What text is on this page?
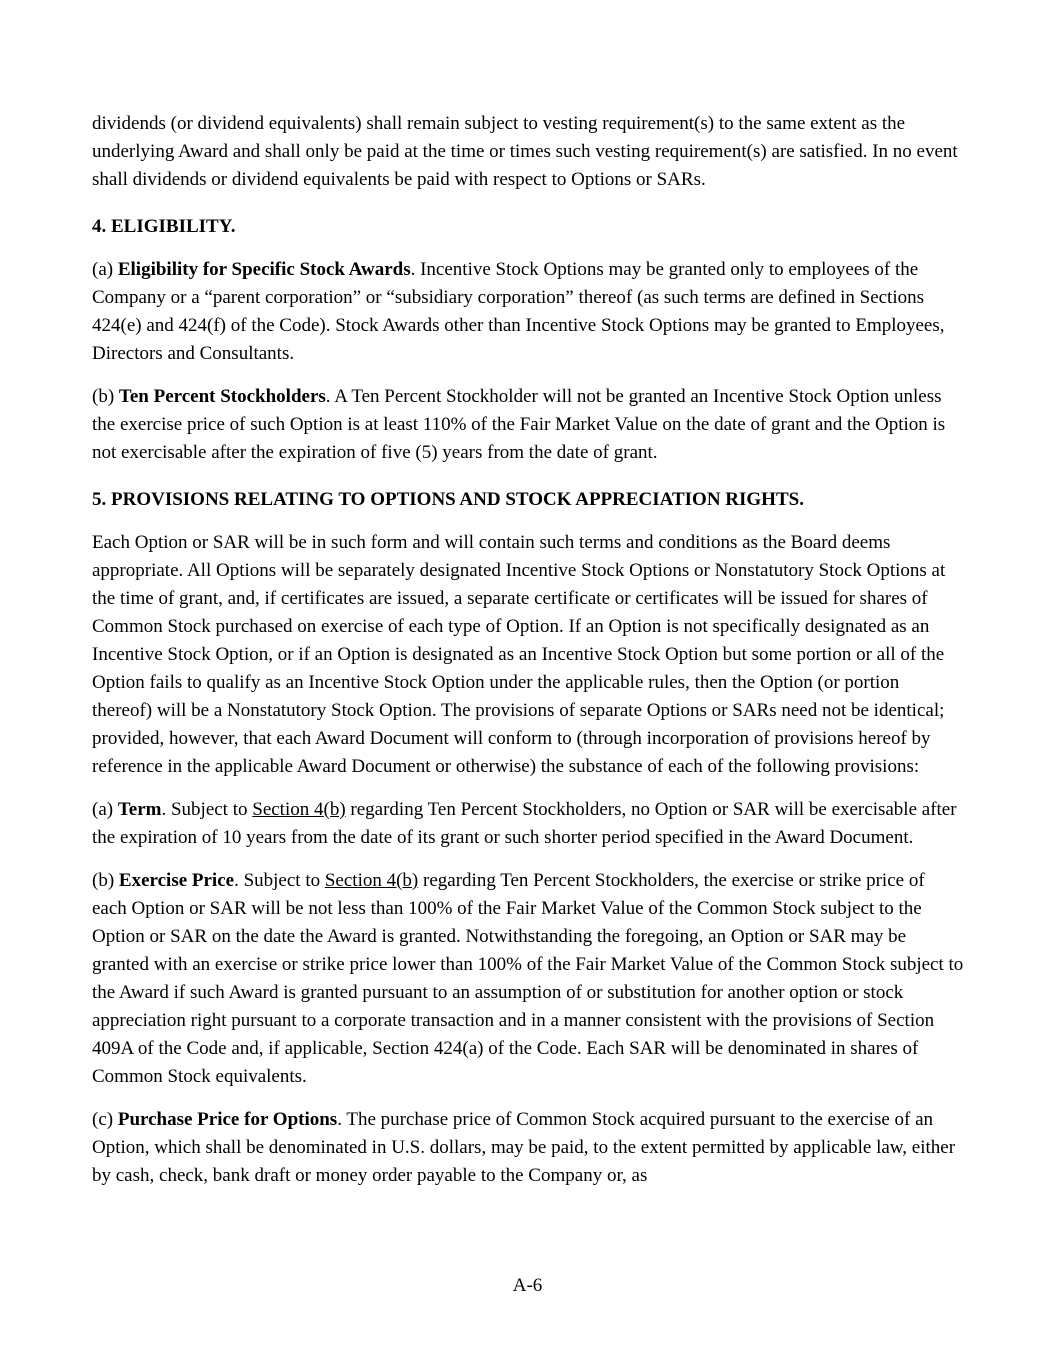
dividends (or dividend equivalents) shall remain subject to vesting requirement(s) to the same extent as the underlying Award and shall only be paid at the time or times such vesting requirement(s) are satisfied. In no event shall dividends or dividend equivalents be paid with respect to Options or SARs.

4. ELIGIBILITY.

(a) Eligibility for Specific Stock Awards. Incentive Stock Options may be granted only to employees of the Company or a “parent corporation” or “subsidiary corporation” thereof (as such terms are defined in Sections 424(e) and 424(f) of the Code). Stock Awards other than Incentive Stock Options may be granted to Employees, Directors and Consultants.

(b) Ten Percent Stockholders. A Ten Percent Stockholder will not be granted an Incentive Stock Option unless the exercise price of such Option is at least 110% of the Fair Market Value on the date of grant and the Option is not exercisable after the expiration of five (5) years from the date of grant.

5. PROVISIONS RELATING TO OPTIONS AND STOCK APPRECIATION RIGHTS.

Each Option or SAR will be in such form and will contain such terms and conditions as the Board deems appropriate. All Options will be separately designated Incentive Stock Options or Nonstatutory Stock Options at the time of grant, and, if certificates are issued, a separate certificate or certificates will be issued for shares of Common Stock purchased on exercise of each type of Option. If an Option is not specifically designated as an Incentive Stock Option, or if an Option is designated as an Incentive Stock Option but some portion or all of the Option fails to qualify as an Incentive Stock Option under the applicable rules, then the Option (or portion thereof) will be a Nonstatutory Stock Option. The provisions of separate Options or SARs need not be identical; provided, however, that each Award Document will conform to (through incorporation of provisions hereof by reference in the applicable Award Document or otherwise) the substance of each of the following provisions:

(a) Term. Subject to Section 4(b) regarding Ten Percent Stockholders, no Option or SAR will be exercisable after the expiration of 10 years from the date of its grant or such shorter period specified in the Award Document.

(b) Exercise Price. Subject to Section 4(b) regarding Ten Percent Stockholders, the exercise or strike price of each Option or SAR will be not less than 100% of the Fair Market Value of the Common Stock subject to the Option or SAR on the date the Award is granted. Notwithstanding the foregoing, an Option or SAR may be granted with an exercise or strike price lower than 100% of the Fair Market Value of the Common Stock subject to the Award if such Award is granted pursuant to an assumption of or substitution for another option or stock appreciation right pursuant to a corporate transaction and in a manner consistent with the provisions of Section 409A of the Code and, if applicable, Section 424(a) of the Code. Each SAR will be denominated in shares of Common Stock equivalents.

(c) Purchase Price for Options. The purchase price of Common Stock acquired pursuant to the exercise of an Option, which shall be denominated in U.S. dollars, may be paid, to the extent permitted by applicable law, either by cash, check, bank draft or money order payable to the Company or, as

A-6
